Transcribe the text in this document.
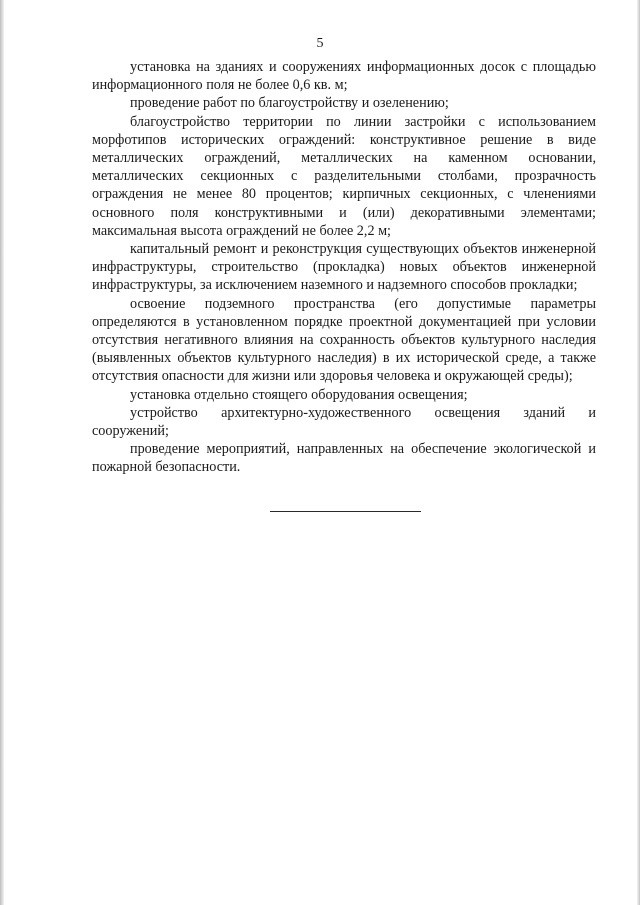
5

установка на зданиях и сооружениях информационных досок с площадью информационного поля не более 0,6 кв. м;

проведение работ по благоустройству и озеленению;

благоустройство территории по линии застройки с использованием морфотипов исторических ограждений: конструктивное решение в виде металлических ограждений, металлических на каменном основании, металлических секционных с разделительными столбами, прозрачность ограждения не менее 80 процентов; кирпичных секционных, с членениями основного поля конструктивными и (или) декоративными элементами; максимальная высота ограждений не более 2,2 м;

капитальный ремонт и реконструкция существующих объектов инженерной инфраструктуры, строительство (прокладка) новых объектов инженерной инфраструктуры, за исключением наземного и надземного способов прокладки;

освоение подземного пространства (его допустимые параметры определяются в установленном порядке проектной документацией при условии отсутствия негативного влияния на сохранность объектов культурного наследия (выявленных объектов культурного наследия) в их исторической среде, а также отсутствия опасности для жизни или здоровья человека и окружающей среды);

установка отдельно стоящего оборудования освещения;

устройство архитектурно-художественного освещения зданий и сооружений;

проведение мероприятий, направленных на обеспечение экологической и пожарной безопасности.
